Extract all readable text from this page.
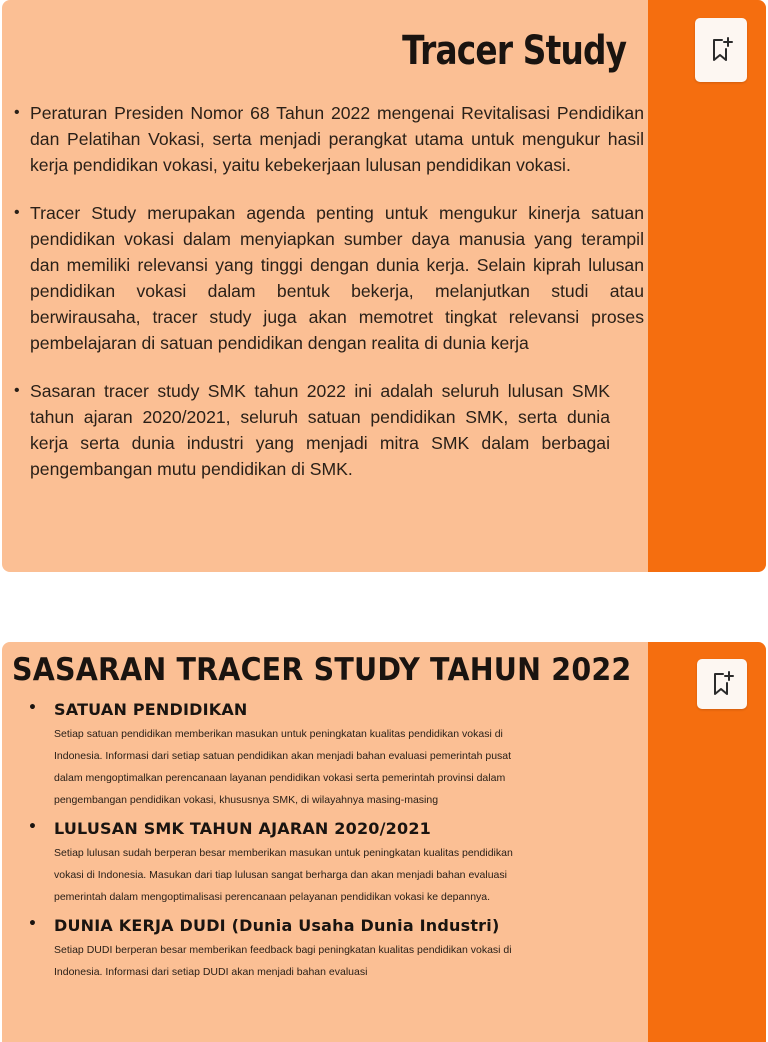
Tracer Study
• Peraturan Presiden Nomor 68 Tahun 2022 mengenai Revitalisasi Pendidikan dan Pelatihan Vokasi, serta menjadi perangkat utama untuk mengukur hasil kerja pendidikan vokasi, yaitu kebekerjaan lulusan pendidikan vokasi.
• Tracer Study merupakan agenda penting untuk mengukur kinerja satuan pendidikan vokasi dalam menyiapkan sumber daya manusia yang terampil dan memiliki relevansi yang tinggi dengan dunia kerja. Selain kiprah lulusan pendidikan vokasi dalam bentuk bekerja, melanjutkan studi atau berwirausaha, tracer study juga akan memotret tingkat relevansi proses pembelajaran di satuan pendidikan dengan realita di dunia kerja
• Sasaran tracer study SMK tahun 2022 ini adalah seluruh lulusan SMK tahun ajaran 2020/2021, seluruh satuan pendidikan SMK, serta dunia kerja serta dunia industri yang menjadi mitra SMK dalam berbagai pengembangan mutu pendidikan di SMK.
SASARAN TRACER STUDY TAHUN 2022
• SATUAN PENDIDIKAN

Setiap satuan pendidikan memberikan masukan untuk peningkatan kualitas pendidikan vokasi di Indonesia. Informasi dari setiap satuan pendidikan akan menjadi bahan evaluasi pemerintah pusat dalam mengoptimalkan perencanaan layanan pendidikan vokasi serta pemerintah provinsi dalam pengembangan pendidikan vokasi, khususnya SMK, di wilayahnya masing-masing

• LULUSAN SMK TAHUN AJARAN 2020/2021

Setiap lulusan sudah berperan besar memberikan masukan untuk peningkatan kualitas pendidikan vokasi di Indonesia. Masukan dari tiap lulusan sangat berharga dan akan menjadi bahan evaluasi pemerintah dalam mengoptimalisasi perencanaan pelayanan pendidikan vokasi ke depannya.

• DUNIA KERJA DUDI (Dunia Usaha Dunia Industri)

Setiap DUDI berperan besar memberikan feedback bagi peningkatan kualitas pendidikan vokasi di Indonesia. Informasi dari setiap DUDI akan menjadi bahan evaluasi
